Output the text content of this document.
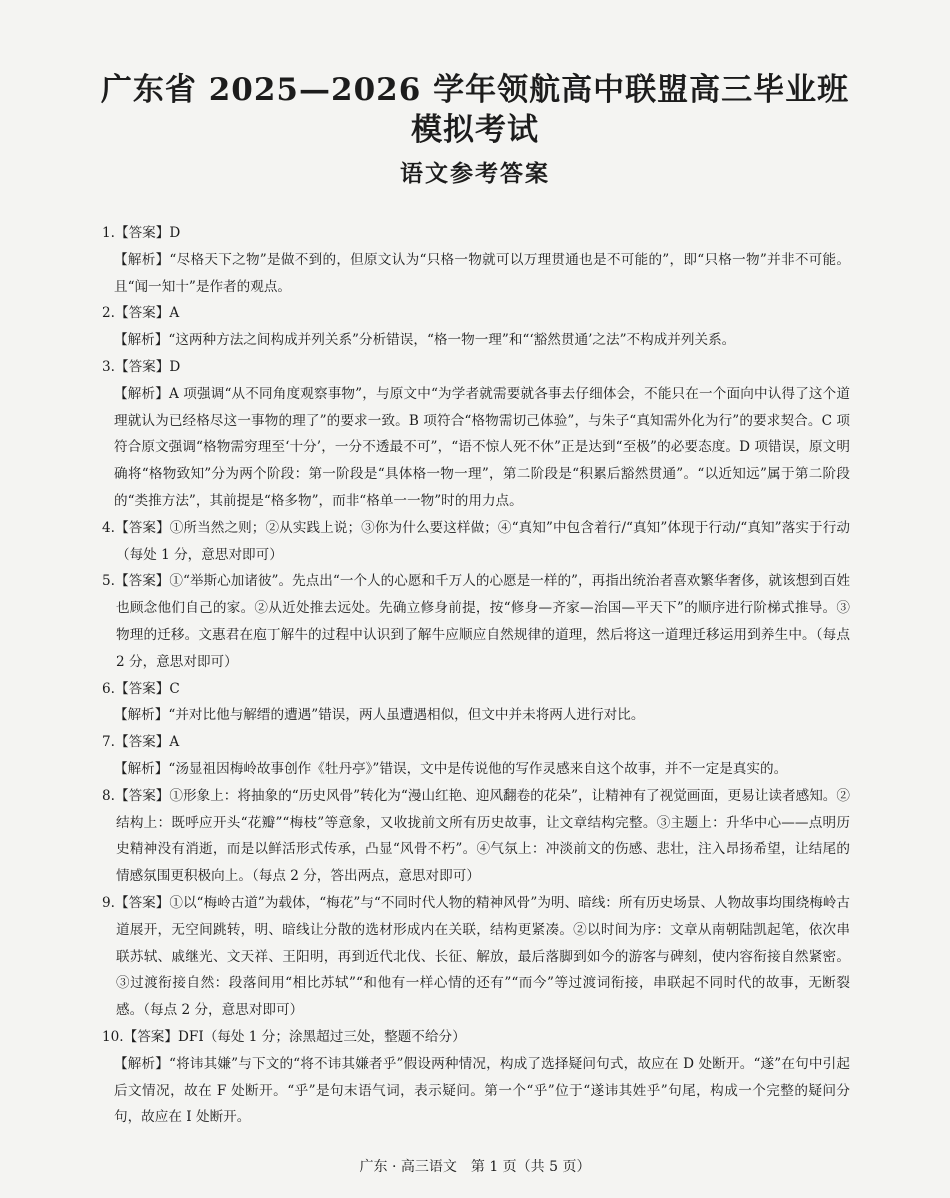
广东省 2025—2026 学年领航高中联盟高三毕业班模拟考试
语文参考答案
1.【答案】D
【解析】“尽格天下之物”是做不到的，但原文认为“只格一物就可以万理贯通也是不可能的”，即“只格一物”并非不可能。且“闻一知十”是作者的观点。
2.【答案】A
【解析】“这两种方法之间构成并列关系”分析错误，“格一物一理”和“‘豁然贯通’之法”不构成并列关系。
3.【答案】D
【解析】A 项强调“从不同角度观察事物”，与原文中“为学者就需要就各事去仔细体会，不能只在一个面向中认得了这个道理就认为已经格尽这一事物的理了”的要求一致。B 项符合“格物需切己体验”，与朱子“真知需外化为行”的要求契合。C 项符合原文强调“格物需穷理至‘十分’，一分不透最不可”，“语不惊人死不休”正是达到“至极”的必要态度。D 项错误，原文明确将“格物致知”分为两个阶段：第一阶段是“具体格一物一理”，第二阶段是“积累后豁然贯通”。“以近知远”属于第二阶段的“类推方法”，其前提是“格多物”，而非“格单一一物”时的用力点。
4.【答案】①所当然之则；②从实践上说；③你为什么要这样做；④“真知”中包含着行/“真知”体现于行动/“真知”落实于行动（每处 1 分，意思对即可）
5.【答案】①“举斯心加诸彼”。先点出“一个人的心愿和千万人的心愿是一样的”，再指出统治者喜欢繁华奢侈，就该想到百姓也顾念他们自己的家。②从近处推去远处。先确立修身前提，按“修身—齐家—治国—平天下”的顺序进行阶梯式推导。③物理的迁移。文惠君在庖丁解牛的过程中认识到了解牛应顺应自然规律的道理，然后将这一道理迁移运用到养生中。（每点 2 分，意思对即可）
6.【答案】C
【解析】“并对比他与解缙的遭遇”错误，两人虽遭遇相似，但文中并未将两人进行对比。
7.【答案】A
【解析】“汤显祖因梅岭故事创作《牡丹亭》”错误，文中是传说他的写作灵感来自这个故事，并不一定是真实的。
8.【答案】①形象上：将抽象的“历史风骨”转化为“漫山红艳、迎风翻卷的花朵”，让精神有了视觉画面，更易让读者感知。②结构上：既呼应开头“花瓣”“梅枝”等意象，又收拢前文所有历史故事，让文章结构完整。③主题上：升华中心——点明历史精神没有消逝，而是以鲜活形式传承，凸显“风骨不朽”。④气氛上：冲淡前文的伤感、悲壮，注入昂扬希望，让结尾的情感氛围更积极向上。（每点 2 分，答出两点，意思对即可）
9.【答案】①以“梅岭古道”为载体，“梅花”与“不同时代人物的精神风骨”为明、暗线：所有历史场景、人物故事均围绕梅岭古道展开，无空间跳转，明、暗线让分散的选材形成内在关联，结构更紧凑。②以时间为序：文章从南朝陆凯起笔，依次串联苏轼、戚继光、文天祥、王阳明，再到近代北伐、长征、解放，最后落脚到如今的游客与碑刻，使内容衔接自然紧密。③过渡衔接自然：段落间用“相比苏轼”“和他有一样心情的还有”“而今”等过渡词衔接，串联起不同时代的故事，无断裂感。（每点 2 分，意思对即可）
10.【答案】DFI（每处 1 分；涂黑超过三处，整题不给分）
【解析】“将讳其嫌”与下文的“将不讳其嫌者乎”假设两种情况，构成了选择疑问句式，故应在 D 处断开。“遂”在句中引起后文情况，故在 F 处断开。“乎”是句末语气词，表示疑问。第一个“乎”位于“遂讳其姓乎”句尾，构成一个完整的疑问分句，故应在 I 处断开。
广东 · 高三语文　第 1 页（共 5 页）
